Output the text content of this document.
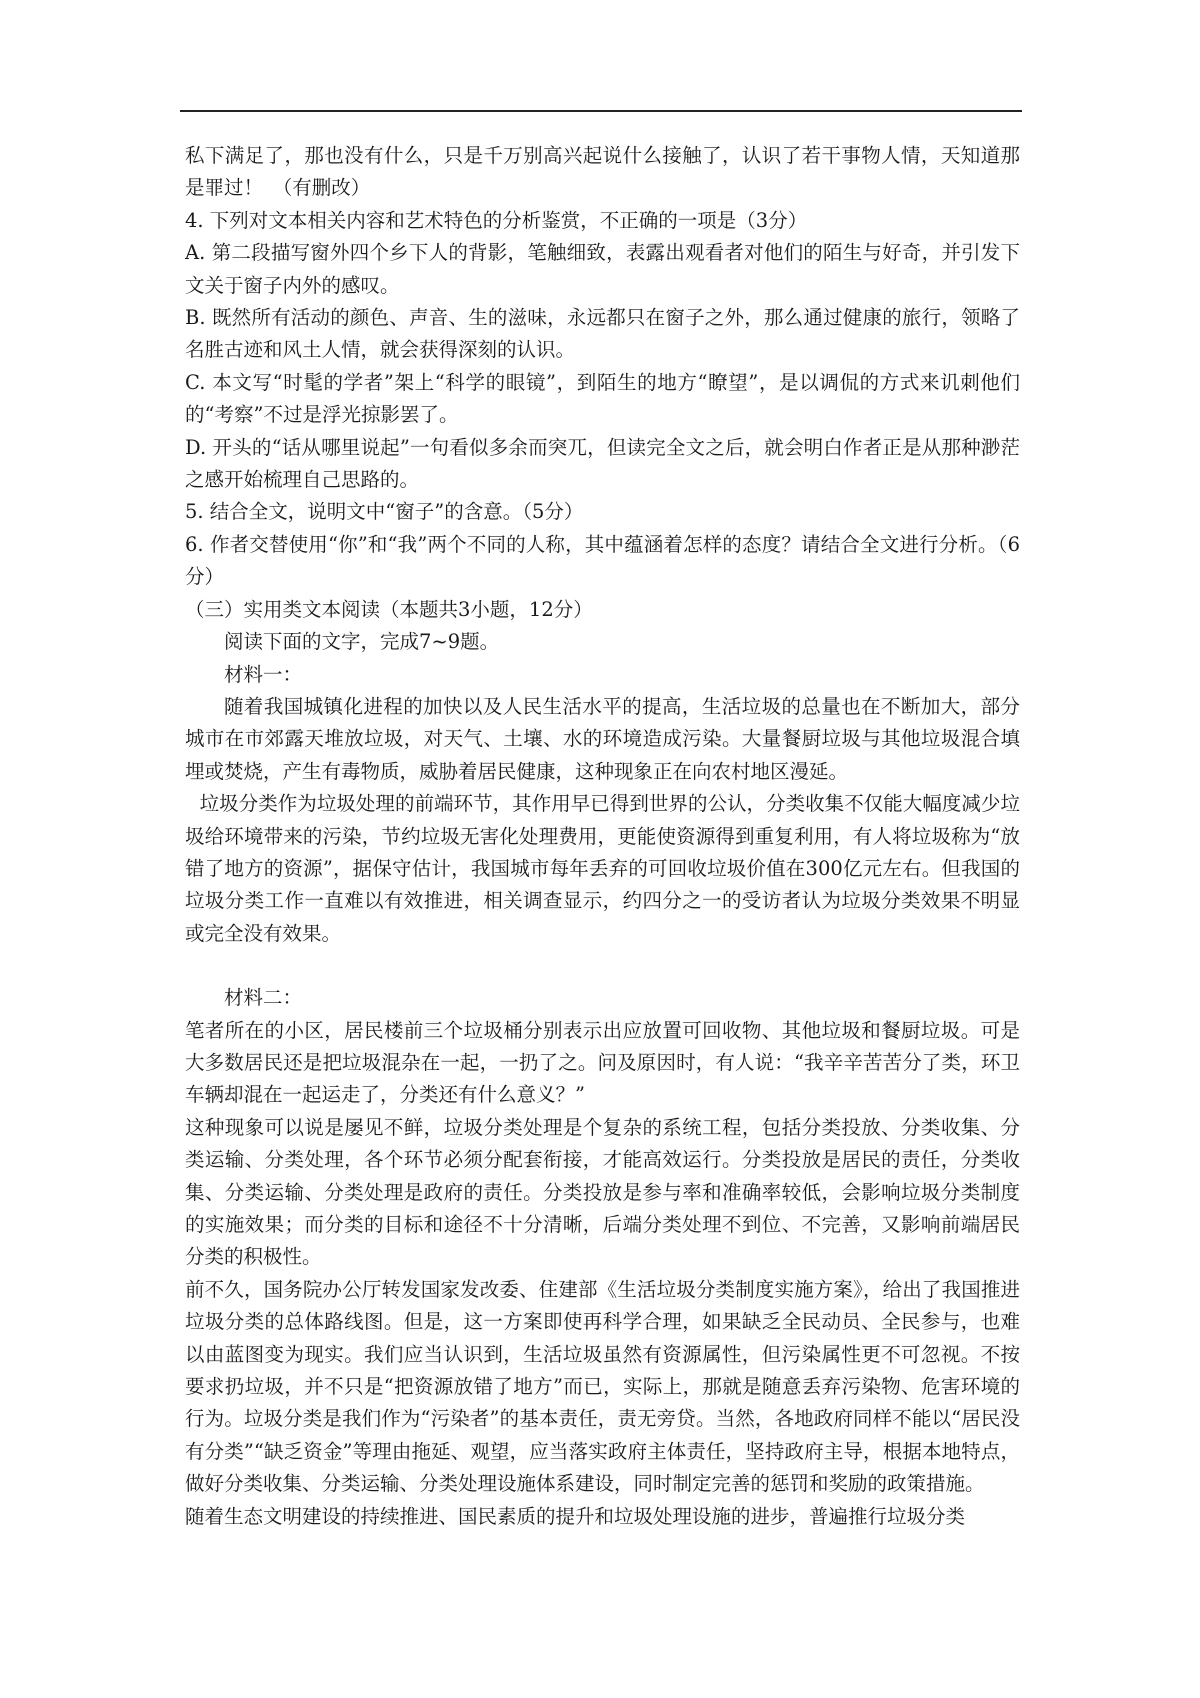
私下满足了，那也没有什么，只是千万别高兴起说什么接触了，认识了若干事物人情，天知道那是罪过！　（有删改）

4. 下列对文本相关内容和艺术特色的分析鉴赏，不正确的一项是（3分）

A. 第二段描写窗外四个乡下人的背影，笔触细致，表露出观看者对他们的陌生与好奇，并引发下文关于窗子内外的感叹。

B. 既然所有活动的颜色、声音、生的滋味，永远都只在窗子之外，那么通过健康的旅行，领略了名胜古迹和风土人情，就会获得深刻的认识。

C. 本文写“时髦的学者”架上“科学的眼镜”，到陌生的地方“瞭望”，是以调侃的方式来讥刺他们的“考察”不过是浮光掠影罢了。

D. 开头的“话从哪里说起”一句看似多余而突兀，但读完全文之后，就会明白作者正是从那种渺茫之感开始梳理自己思路的。

5. 结合全文，说明文中“窗子”的含意。（5分）

6. 作者交替使用“你”和“我”两个不同的人称，其中蕴涵着怎样的态度？请结合全文进行分析。（6分）

（三）实用类文本阅读（本题共3小题，12分）

阅读下面的文字，完成7~9题。

材料一：

随着我国城镇化进程的加快以及人民生活水平的提高，生活垃圾的总量也在不断加大，部分城市在市郊露天堆放垃圾，对天气、土壤、水的环境造成污染。大量餐厨垃圾与其他垃圾混合填埋或焚烧，产生有毒物质，威胁着居民健康，这种现象正在向农村地区漫延。

垃圾分类作为垃圾处理的前端环节，其作用早已得到世界的公认，分类收集不仅能大幅度减少垃圾给环境带来的污染，节约垃圾无害化处理费用，更能使资源得到重复利用，有人将垃圾称为“放错了地方的资源”，据保守估计，我国城市每年丢弃的可回收垃圾价值在300亿元左右。但我国的垃圾分类工作一直难以有效推进，相关调查显示，约四分之一的受访者认为垃圾分类效果不明显或完全没有效果。

材料二：

笔者所在的小区，居民楼前三个垃圾桶分别表示出应放置可回收物、其他垃圾和餐厨垃圾。可是大多数居民还是把垃圾混杂在一起，一扔了之。问及原因时，有人说：“我辛辛苦苦分了类，环卫车辆却混在一起运走了，分类还有什么意义？”

这种现象可以说是屡见不鲜，垃圾分类处理是个复杂的系统工程，包括分类投放、分类收集、分类运输、分类处理，各个环节必须分配套衔接，才能高效运行。分类投放是居民的责任，分类收集、分类运输、分类处理是政府的责任。分类投放是参与率和准确率较低，会影响垃圾分类制度的实施效果；而分类的目标和途径不十分清晰，后端分类处理不到位、不完善，又影响前端居民分类的积极性。

前不久，国务院办公厅转发国家发改委、住建部《生活垃圾分类制度实施方案》，给出了我国推进垃圾分类的总体路线图。但是，这一方案即使再科学合理，如果缺乏全民动员、全民参与，也难以由蓝图变为现实。我们应当认识到，生活垃圾虽然有资源属性，但污染属性更不可忽视。不按要求扔垃圾，并不只是“把资源放错了地方”而已，实际上，那就是随意丢弃污染物、危害环境的行为。垃圾分类是我们作为“污染者”的基本责任，责无旁贷。当然，各地政府同样不能以“居民没有分类”“缺乏资金”等理由拖延、观望，应当落实政府主体责任，坚持政府主导，根据本地特点，做好分类收集、分类运输、分类处理设施体系建设，同时制定完善的惩罚和奖励的政策措施。

随着生态文明建设的持续推进、国民素质的提升和垃圾处理设施的进步，普遍推行垃圾分类
